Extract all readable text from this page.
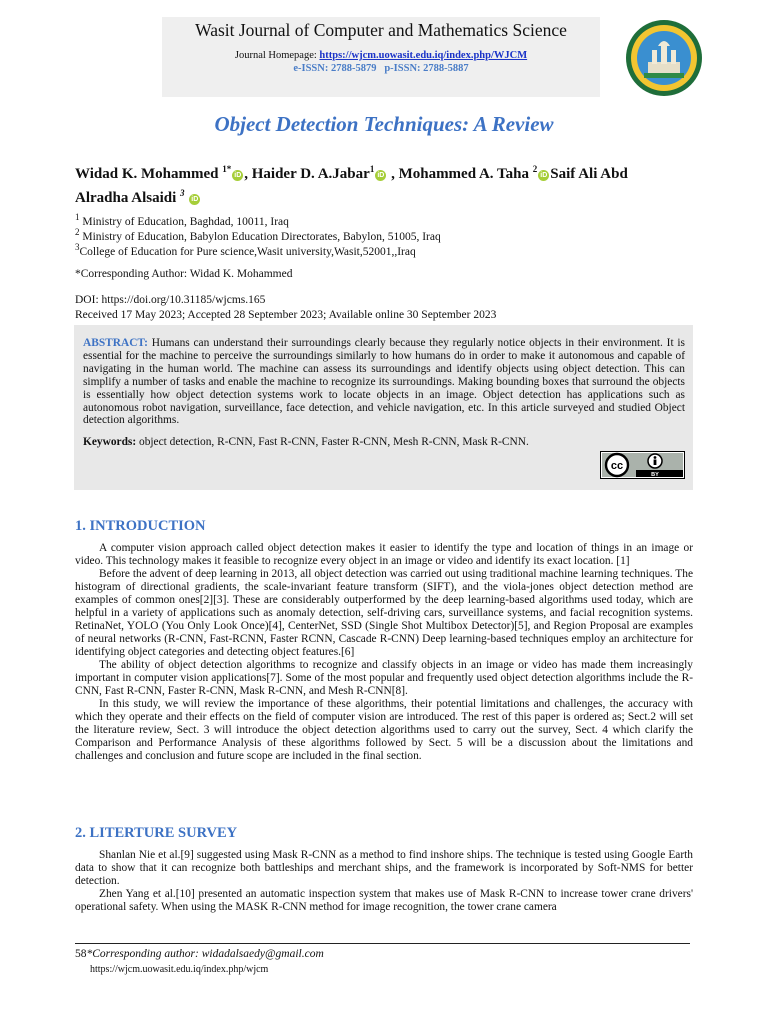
Wasit Journal of Computer and Mathematics Science
Journal Homepage: https://wjcm.uowasit.edu.iq/index.php/WJCM
e-ISSN: 2788-5879 p-ISSN: 2788-5887
Object Detection Techniques: A Review
Widad K. Mohammed $^{1*}$iD , Haider D. A.Jabar$^1$iD , Mohammed A. Taha $^2$iD Saif Ali Abd
Alradha Alsaidi $^3$ iD
$^1$ Ministry of Education, Baghdad, 10011, Iraq
$^2$ Ministry of Education, Babylon Education Directorates, Babylon, 51005, Iraq
$^3$College of Education for Pure science,Wasit university,Wasit,52001,,Iraq
*Corresponding Author: Widad K. Mohammed
DOI: https://doi.org/10.31185/wjcms.165
Received 17 May 2023; Accepted 28 September 2023; Available online 30 September 2023
ABSTRACT: Humans can understand their surroundings clearly because they regularly notice objects in their environment. It is essential for the machine to perceive the surroundings similarly to how humans do in order to make it autonomous and capable of navigating in the human world. The machine can assess its surroundings and identify objects using object detection. This can simplify a number of tasks and enable the machine to recognize its surroundings. Making bounding boxes that surround the objects is essentially how object detection systems work to locate objects in an image. Object detection has applications such as autonomous robot navigation, surveillance, face detection, and vehicle navigation, etc. In this article surveyed and studied Object detection algorithms.
Keywords: object detection, R-CNN, Fast R-CNN, Faster R-CNN, Mesh R-CNN, Mask R-CNN.
cc
BY
1. INTRODUCTION

A computer vision approach called object detection makes it easier to identify the type and location of things in an image or video. This technology makes it feasible to recognize every object in an image or video and identify its exact location. [1]

Before the advent of deep learning in 2013, all object detection was carried out using traditional machine learning techniques. The histogram of directional gradients, the scale-invariant feature transform (SIFT), and the viola-jones object detection method are examples of common ones[2][3]. These are considerably outperformed by the deep learning-based algorithms used today, which are helpful in a variety of applications such as anomaly detection, self-driving cars, surveillance systems, and facial recognition systems. RetinaNet, YOLO (You Only Look Once)[4], CenterNet, SSD (Single Shot Multibox Detector)[5], and Region Proposal are examples of neural networks (R-CNN, Fast-RCNN, Faster RCNN, Cascade R-CNN) Deep learning-based techniques employ an architecture for identifying object categories and detecting object features.[6]

The ability of object detection algorithms to recognize and classify objects in an image or video has made them increasingly important in computer vision applications[7]. Some of the most popular and frequently used object detection algorithms include the R-CNN, Fast R-CNN, Faster R-CNN, Mask R-CNN, and Mesh R-CNN[8].

In this study, we will review the importance of these algorithms, their potential limitations and challenges, the accuracy with which they operate and their effects on the field of computer vision are introduced. The rest of this paper is ordered as; Sect.2 will set the literature review, Sect. 3 will introduce the object detection algorithms used to carry out the survey, Sect. 4 which clarify the Comparison and Performance Analysis of these algorithms followed by Sect. 5 will be a discussion about the limitations and challenges and conclusion and future scope are included in the final section.

2. LITERTURE SURVEY

Shanlan Nie et al.[9] suggested using Mask R-CNN as a method to find inshore ships. The technique is tested using Google Earth data to show that it can recognize both battleships and merchant ships, and the framework is incorporated by Soft-NMS for better detection.

Zhen Yang et al.[10] presented an automatic inspection system that makes use of Mask R-CNN to increase tower crane drivers' operational safety. When using the MASK R-CNN method for image recognition, the tower crane camera

58*Corresponding author: widadalsaedy@gmail.com
https://wjcm.uowasit.edu.iq/index.php/wjcm
